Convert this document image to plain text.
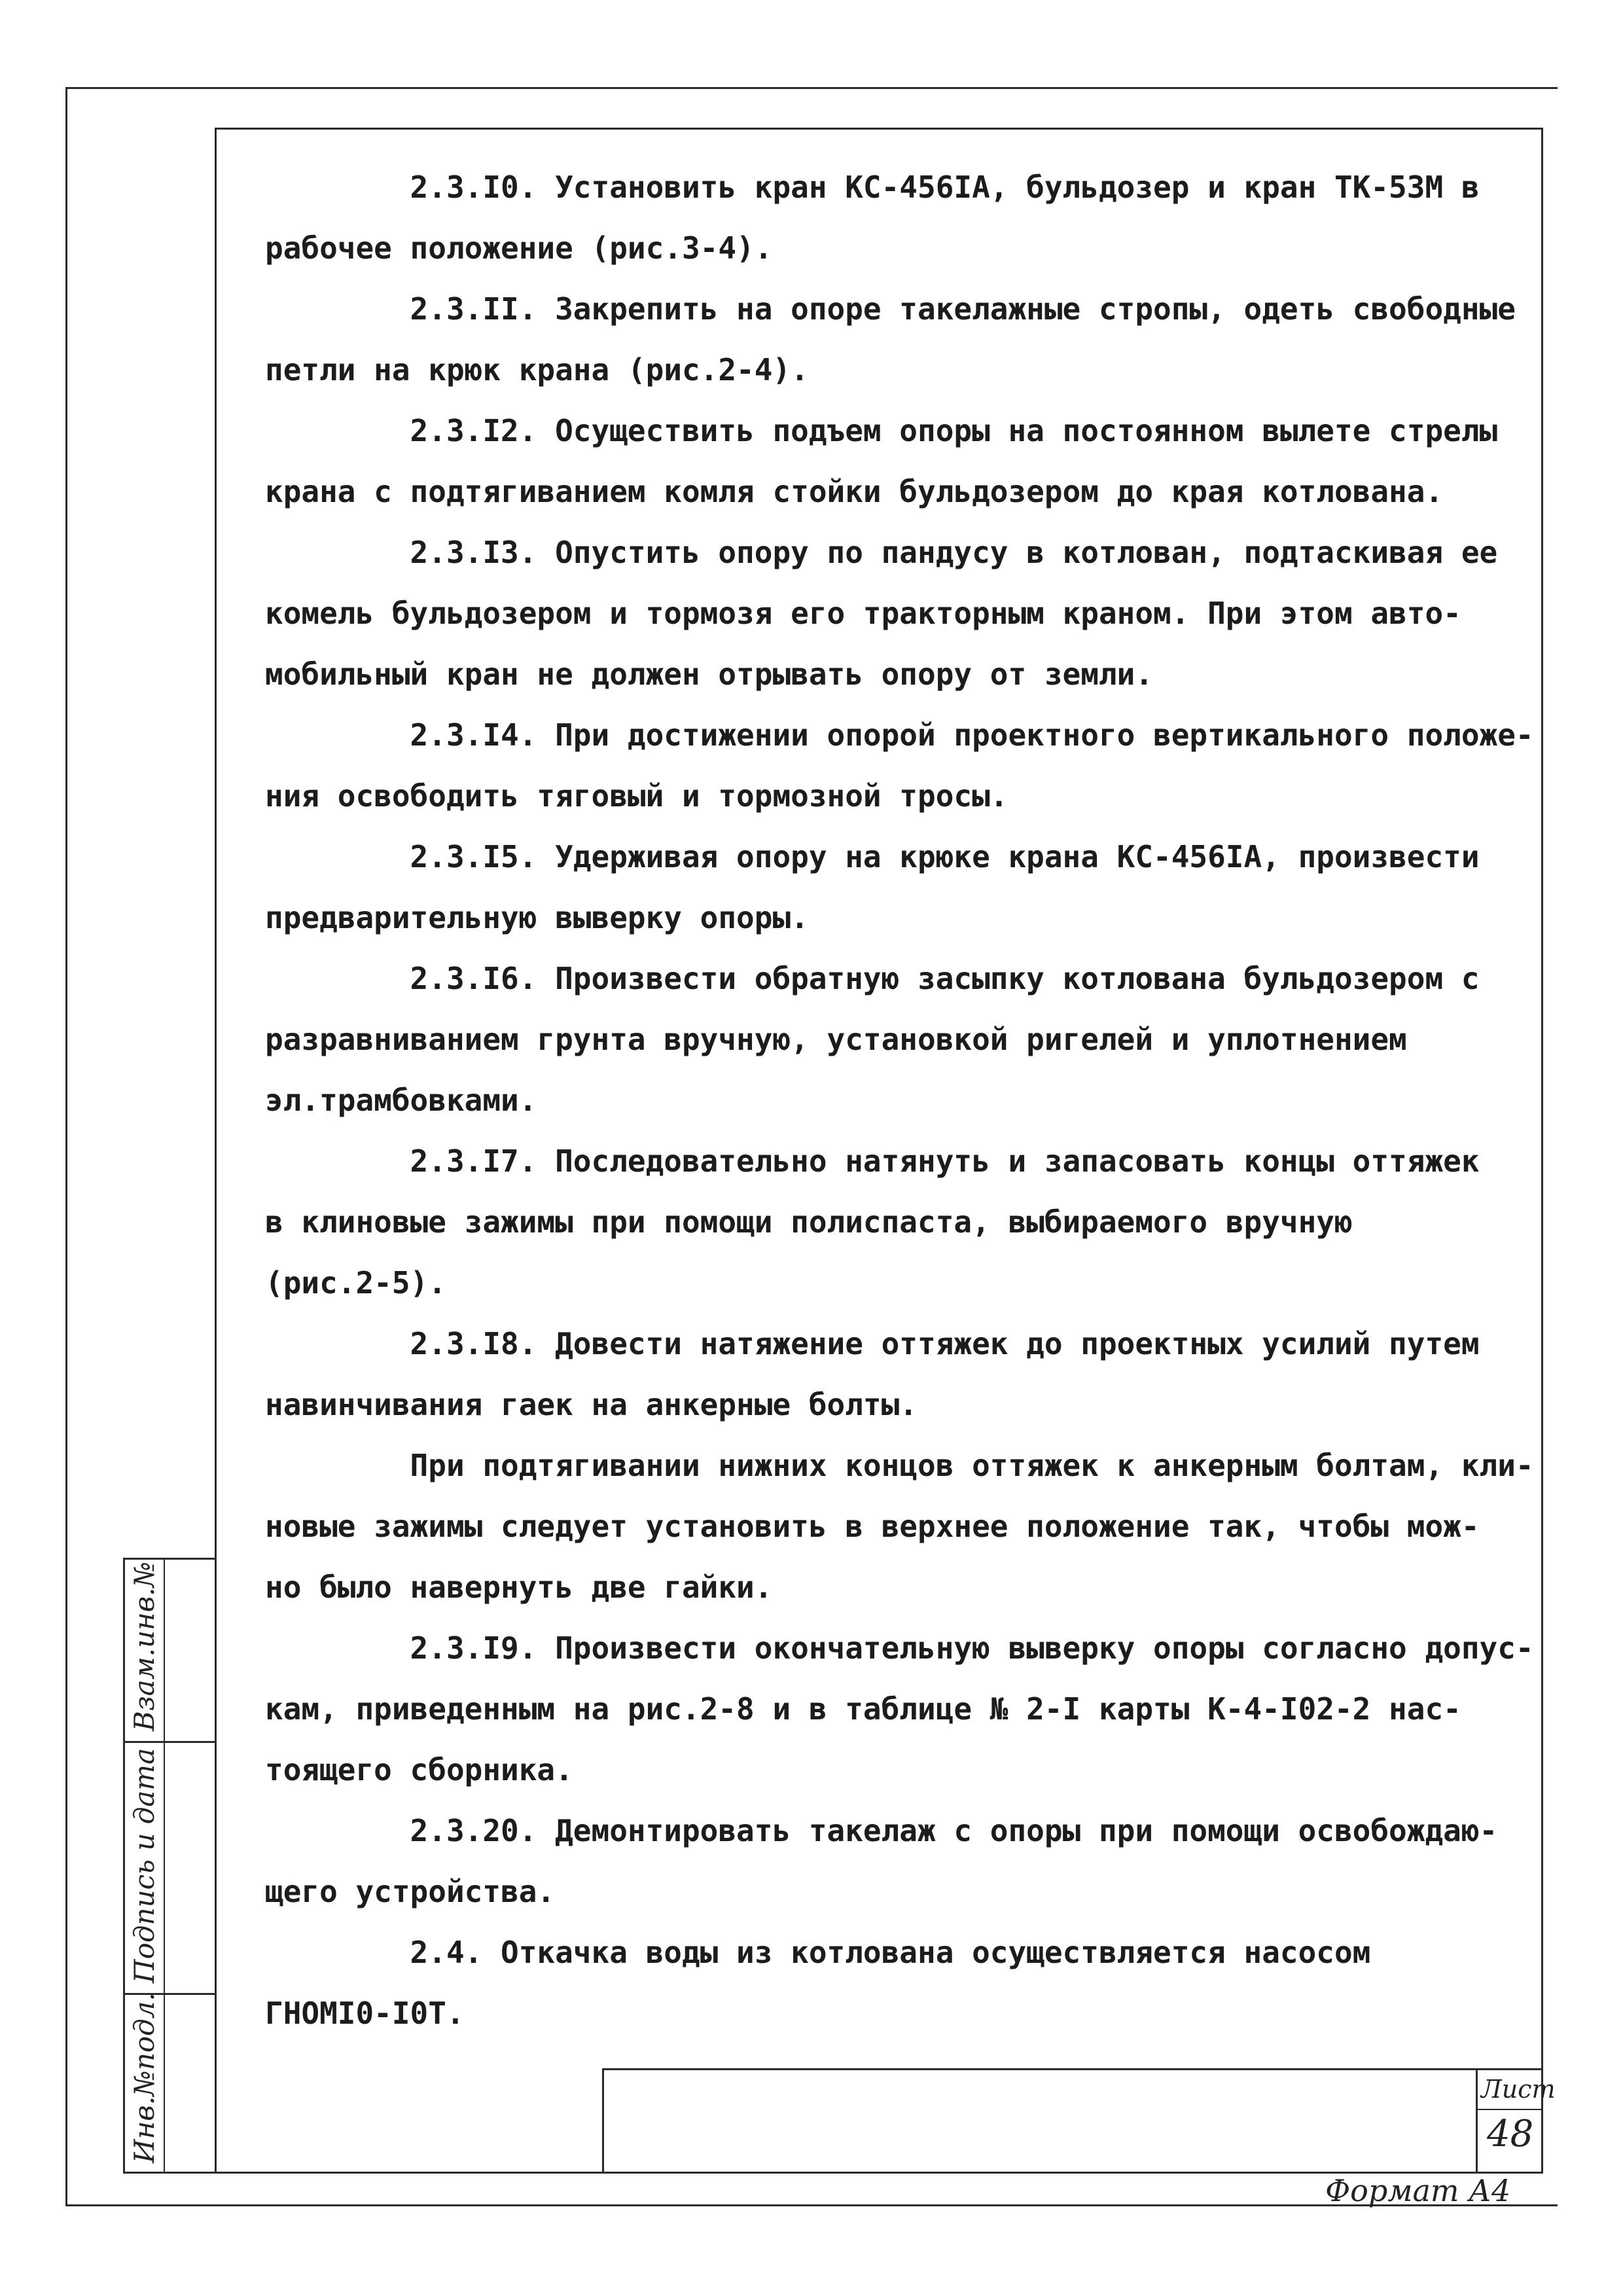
Взам.инв.№
Подпись и дата
Инв.№подл.	Лист
48
Формат А4
2.3.I0. Установить кран КС-456IА, бульдозер и кран ТК-53М в
рабочее положение (рис.3-4).
2.3.II. Закрепить на опоре такелажные стропы, одеть свободные
петли на крюк крана (рис.2-4).
2.3.I2. Осуществить подъем опоры на постоянном вылете стрелы
крана с подтягиванием комля стойки бульдозером до края котлована.
2.3.I3. Опустить опору по пандусу в котлован, подтаскивая ее
комель бульдозером и тормозя его тракторным краном. При этом авто-
мобильный кран не должен отрывать опору от земли.
2.3.I4. При достижении опорой проектного вертикального положе-
ния освободить тяговый и тормозной тросы.
2.3.I5. Удерживая опору на крюке крана КС-456IА, произвести
предварительную выверку опоры.
2.3.I6. Произвести обратную засыпку котлована бульдозером с
разравниванием грунта вручную, установкой ригелей и уплотнением
эл.трамбовками.
2.3.I7. Последовательно натянуть и запасовать концы оттяжек
в клиновые зажимы при помощи полиспаста, выбираемого вручную
(рис.2-5).
2.3.I8. Довести натяжение оттяжек до проектных усилий путем
навинчивания гаек на анкерные болты.
При подтягивании нижних концов оттяжек к анкерным болтам, кли-
новые зажимы следует установить в верхнее положение так, чтобы мож-
но было навернуть две гайки.
2.3.I9. Произвести окончательную выверку опоры согласно допус-
кам, приведенным на рис.2-8 и в таблице № 2-I карты К-4-I02-2 нас-
тоящего сборника.
2.3.20. Демонтировать такелаж с опоры при помощи освобождаю-
щего устройства.
2.4. Откачка воды из котлована осуществляется насосом
ГНОМI0-I0Т.
